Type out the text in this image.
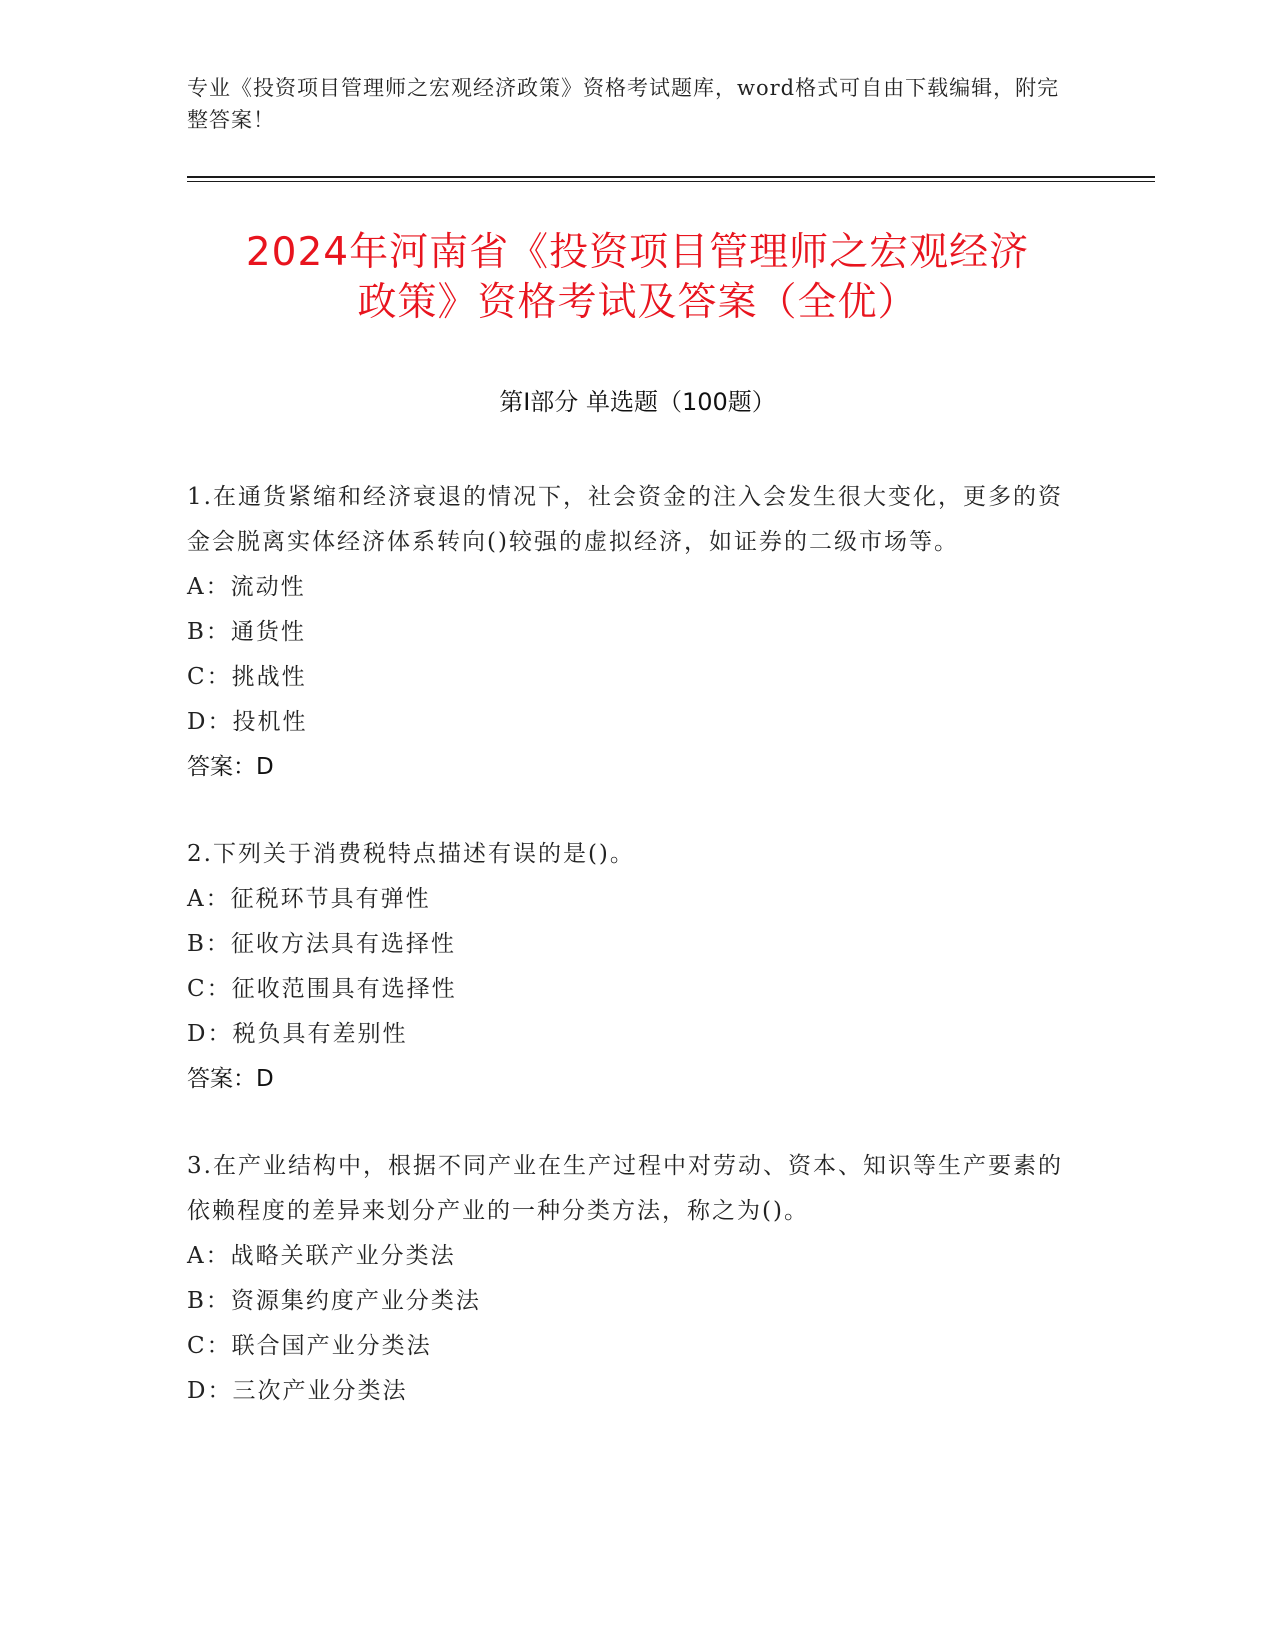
专业《投资项目管理师之宏观经济政策》资格考试题库，word格式可自由下载编辑，附完整答案！
2024年河南省《投资项目管理师之宏观经济
政策》资格考试及答案（全优）
第I部分 单选题（100题）

1.在通货紧缩和经济衰退的情况下，社会资金的注入会发生很大变化，更多的资金会脱离实体经济体系转向()较强的虚拟经济，如证券的二级市场等。

A：流动性

B：通货性

C：挑战性

D：投机性

答案：D

2.下列关于消费税特点描述有误的是()。

A：征税环节具有弹性

B：征收方法具有选择性

C：征收范围具有选择性

D：税负具有差别性

答案：D

3.在产业结构中，根据不同产业在生产过程中对劳动、资本、知识等生产要素的依赖程度的差异来划分产业的一种分类方法，称之为()。

A：战略关联产业分类法

B：资源集约度产业分类法

C：联合国产业分类法

D：三次产业分类法
